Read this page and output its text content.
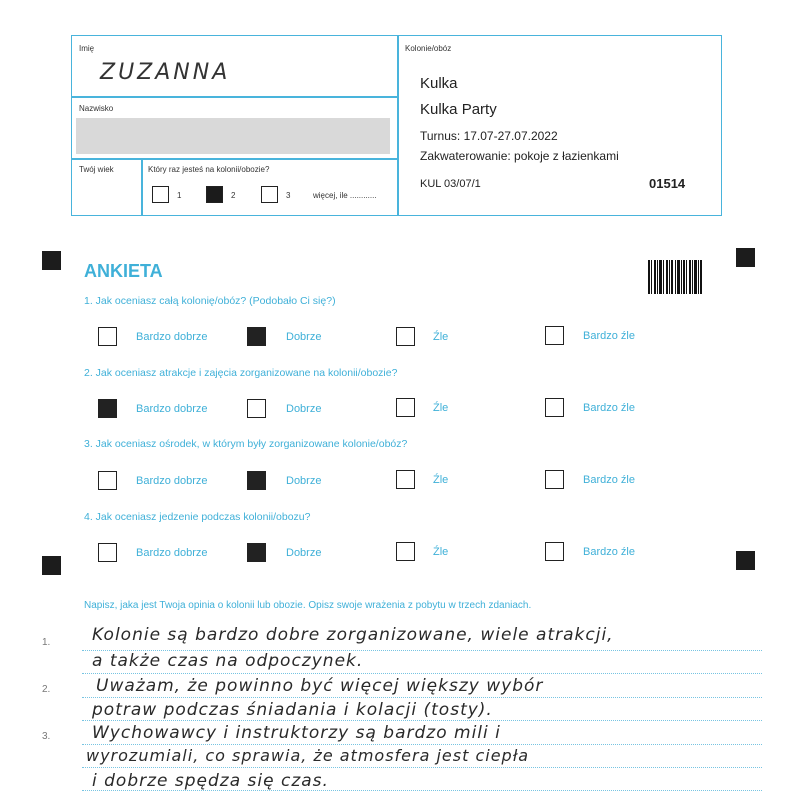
Imię
ZUZANNA
Nazwisko
Twój wiek	Który raz jesteś na kolonii/obozie?
1	2	3	więcej, ile ............
Kolonie/obóz
Kulka
Kulka Party
Turnus: 17.07-27.07.2022
Zakwaterowanie: pokoje z łazienkami
KUL 03/07/1	01514
ANKIETA
1. Jak oceniasz całą kolonię/obóz? (Podobało Ci się?)
Bardzo dobrze	Dobrze	Źle	Bardzo źle
2. Jak oceniasz atrakcje i zajęcia zorganizowane na kolonii/obozie?
Bardzo dobrze	Dobrze	Źle	Bardzo źle
3. Jak oceniasz ośrodek, w którym były zorganizowane kolonie/obóz?
Bardzo dobrze	Dobrze	Źle	Bardzo źle
4. Jak oceniasz jedzenie podczas kolonii/obozu?
Bardzo dobrze	Dobrze	Źle	Bardzo źle
Napisz, jaka jest Twoja opinia o kolonii lub obozie. Opisz swoje wrażenia z pobytu w trzech zdaniach.
1.
2.
3.
Kolonie są bardzo dobre zorganizowane, wiele atrakcji,
a także czas na odpoczynek.
Uważam, że powinno być więcej większy wybór
potraw podczas śniadania i kolacji (tosty).
Wychowawcy i instruktorzy są bardzo mili i
wyrozumiali, co sprawia, że atmosfera jest ciepła
i dobrze spędza się czas.
